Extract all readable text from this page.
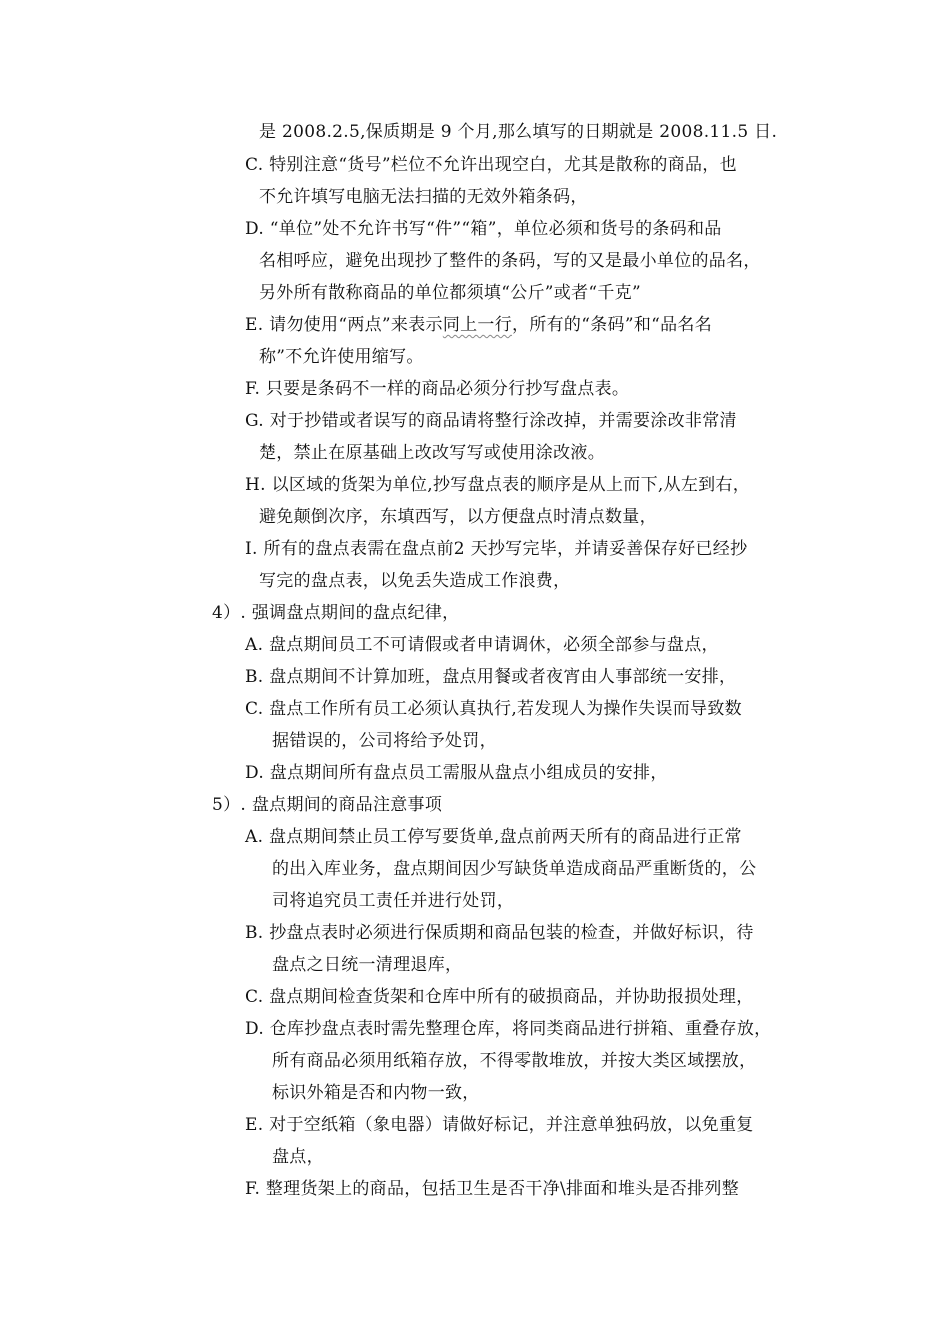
是 2008.2.5,保质期是 9 个月,那么填写的日期就是 2008.11.5 日.
C. 特别注意“货号”栏位不允许出现空白，尤其是散称的商品，也
不允许填写电脑无法扫描的无效外箱条码，
D. “单位”处不允许书写“件”“箱”，单位必须和货号的条码和品
名相呼应，避免出现抄了整件的条码，写的又是最小单位的品名，
另外所有散称商品的单位都须填“公斤”或者“千克”
E. 请勿使用“两点”来表示同上一行，所有的“条码”和“品名名
称”不允许使用缩写。
F. 只要是条码不一样的商品必须分行抄写盘点表。
G. 对于抄错或者误写的商品请将整行涂改掉，并需要涂改非常清
楚，禁止在原基础上改改写写或使用涂改液。
H. 以区域的货架为单位,抄写盘点表的顺序是从上而下,从左到右，
避免颠倒次序，东填西写，以方便盘点时清点数量，
I. 所有的盘点表需在盘点前2 天抄写完毕，并请妥善保存好已经抄
写完的盘点表，以免丢失造成工作浪费，
4）. 强调盘点期间的盘点纪律，
A. 盘点期间员工不可请假或者申请调休，必须全部参与盘点，
B. 盘点期间不计算加班，盘点用餐或者夜宵由人事部统一安排，
C. 盘点工作所有员工必须认真执行,若发现人为操作失误而导致数
据错误的，公司将给予处罚，
D. 盘点期间所有盘点员工需服从盘点小组成员的安排，
5）. 盘点期间的商品注意事项
A. 盘点期间禁止员工停写要货单,盘点前两天所有的商品进行正常
的出入库业务，盘点期间因少写缺货单造成商品严重断货的，公
司将追究员工责任并进行处罚，
B. 抄盘点表时必须进行保质期和商品包装的检查，并做好标识，待
盘点之日统一清理退库，
C. 盘点期间检查货架和仓库中所有的破损商品，并协助报损处理，
D. 仓库抄盘点表时需先整理仓库，将同类商品进行拼箱、重叠存放，
所有商品必须用纸箱存放，不得零散堆放，并按大类区域摆放，
标识外箱是否和内物一致，
E. 对于空纸箱（象电器）请做好标记，并注意单独码放，以免重复
盘点，
F. 整理货架上的商品，包括卫生是否干净\排面和堆头是否排列整
